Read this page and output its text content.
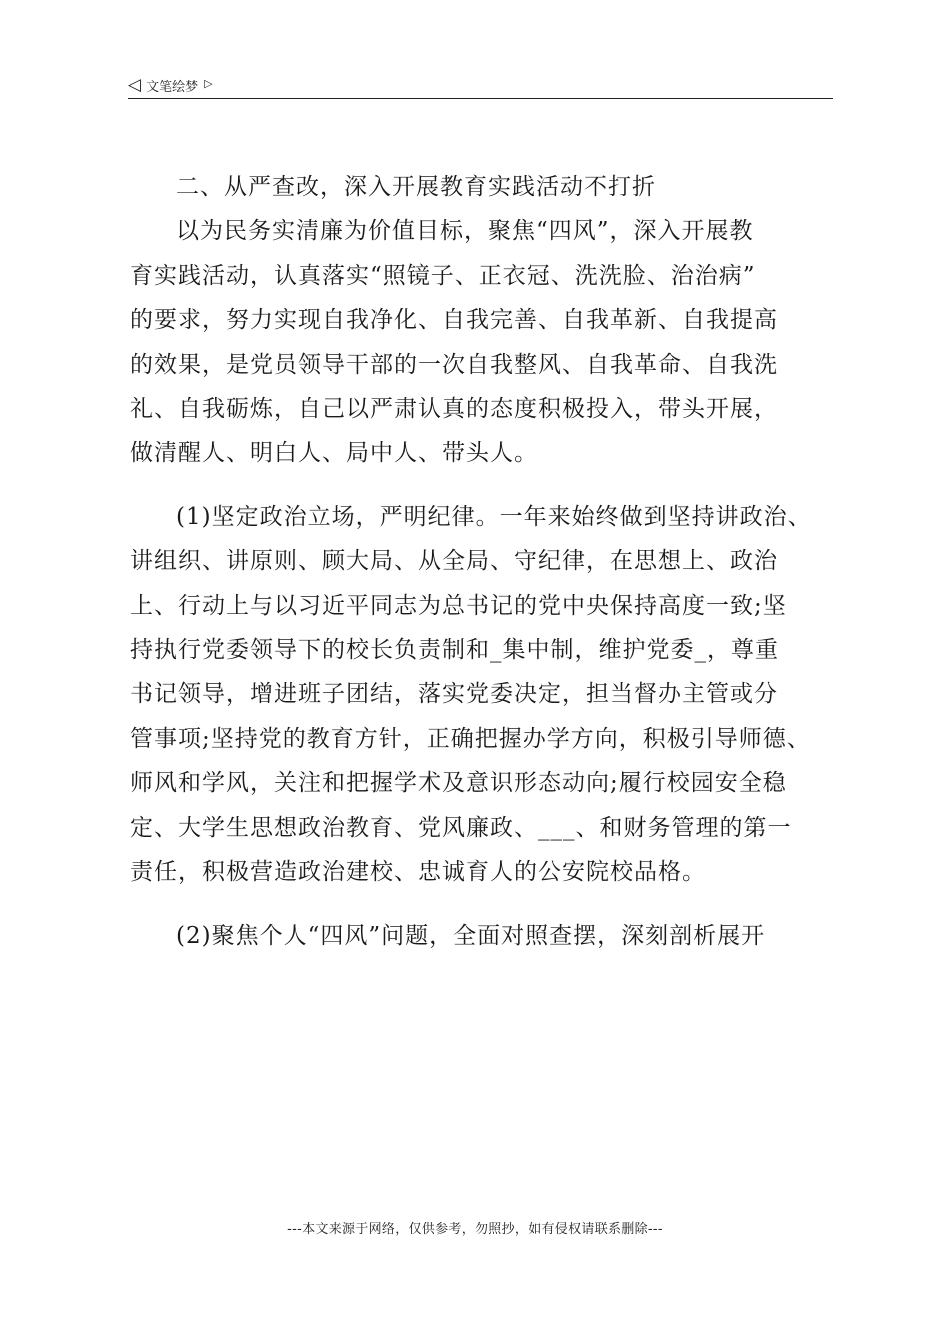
◁ 文笔绘梦 ▷

二、从严查改，深入开展教育实践活动不打折

以为民务实清廉为价值目标，聚焦“四风”，深入开展教
育实践活动，认真落实“照镜子、正衣冠、洗洗脸、治治病”
的要求，努力实现自我净化、自我完善、自我革新、自我提高
的效果，是党员领导干部的一次自我整风、自我革命、自我洗
礼、自我砺炼，自己以严肃认真的态度积极投入，带头开展，
做清醒人、明白人、局中人、带头人。

(1)坚定政治立场，严明纪律。一年来始终做到坚持讲政治、
讲组织、讲原则、顾大局、从全局、守纪律，在思想上、政治
上、行动上与以习近平同志为总书记的党中央保持高度一致;坚
持执行党委领导下的校长负责制和_集中制，维护党委_，尊重
书记领导，增进班子团结，落实党委决定，担当督办主管或分
管事项;坚持党的教育方针，正确把握办学方向，积极引导师德、
师风和学风，关注和把握学术及意识形态动向;履行校园安全稳
定、大学生思想政治教育、党风廉政、___、和财务管理的第一
责任，积极营造政治建校、忠诚育人的公安院校品格。

(2)聚焦个人“四风”问题，全面对照查摆，深刻剖析展开

---本文来源于网络，仅供参考，勿照抄，如有侵权请联系删除---
